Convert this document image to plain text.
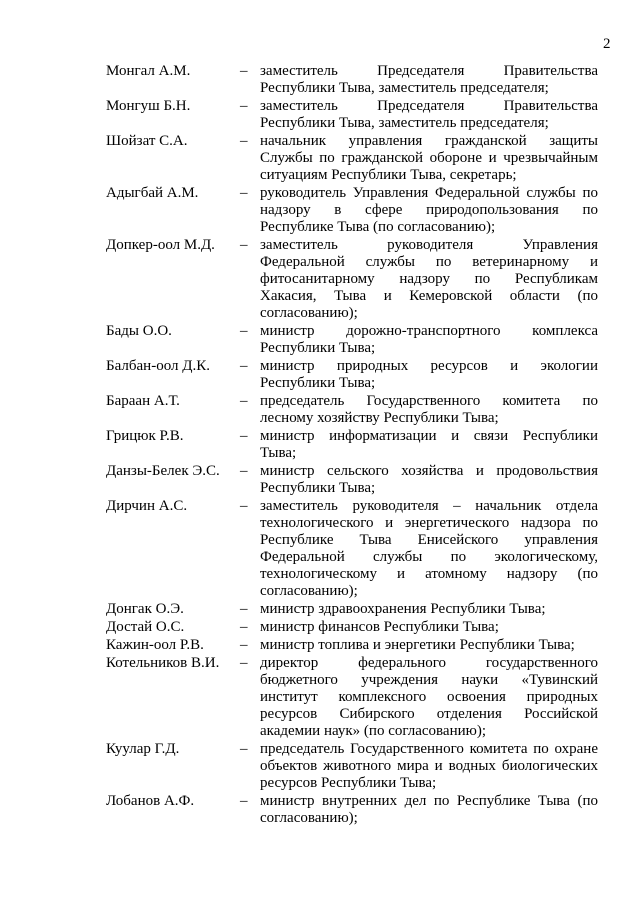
2
Монгал А.М.	– заместитель Председателя Правительства
Республики Тыва, заместитель председателя;
Монгуш Б.Н.	– заместитель Председателя Правительства
Республики Тыва, заместитель председателя;
Шойзат С.А.	– начальник управления гражданской защиты
Службы по гражданской обороне и чрезвычайным
ситуациям Республики Тыва, секретарь;
Адыгбай А.М.	– руководитель Управления Федеральной службы по
надзору в сфере природопользования по
Республике Тыва (по согласованию);
Допкер-оол М.Д.	– заместитель руководителя Управления
Федеральной службы по ветеринарному и
фитосанитарному надзору по Республикам
Хакасия, Тыва и Кемеровской области (по
согласованию);
Бады О.О.	– министр дорожно-транспортного комплекса
Республики Тыва;
Балбан-оол Д.К.	– министр природных ресурсов и экологии
Республики Тыва;
Бараан А.Т.	– председатель Государственного комитета по
лесному хозяйству Республики Тыва;
Грицюк Р.В.	– министр информатизации и связи Республики
Тыва;
Данзы-Белек Э.С.	– министр сельского хозяйства и продовольствия
Республики Тыва;
Дирчин А.С.	– заместитель руководителя – начальник отдела
технологического и энергетического надзора по
Республике Тыва Енисейского управления
Федеральной службы по экологическому,
технологическому и атомному надзору (по
согласованию);
Донгак О.Э.	– министр здравоохранения Республики Тыва;
Достай О.С.	– министр финансов Республики Тыва;
Кажин-оол Р.В.	– министр топлива и энергетики Республики Тыва;
Котельников В.И.	– директор федерального государственного
бюджетного учреждения науки «Тувинский
институт комплексного освоения природных
ресурсов Сибирского отделения Российской
академии наук» (по согласованию);
Куулар Г.Д.	– председатель Государственного комитета по охране
объектов животного мира и водных биологических
ресурсов Республики Тыва;
Лобанов А.Ф.	– министр внутренних дел по Республике Тыва (по
согласованию);
